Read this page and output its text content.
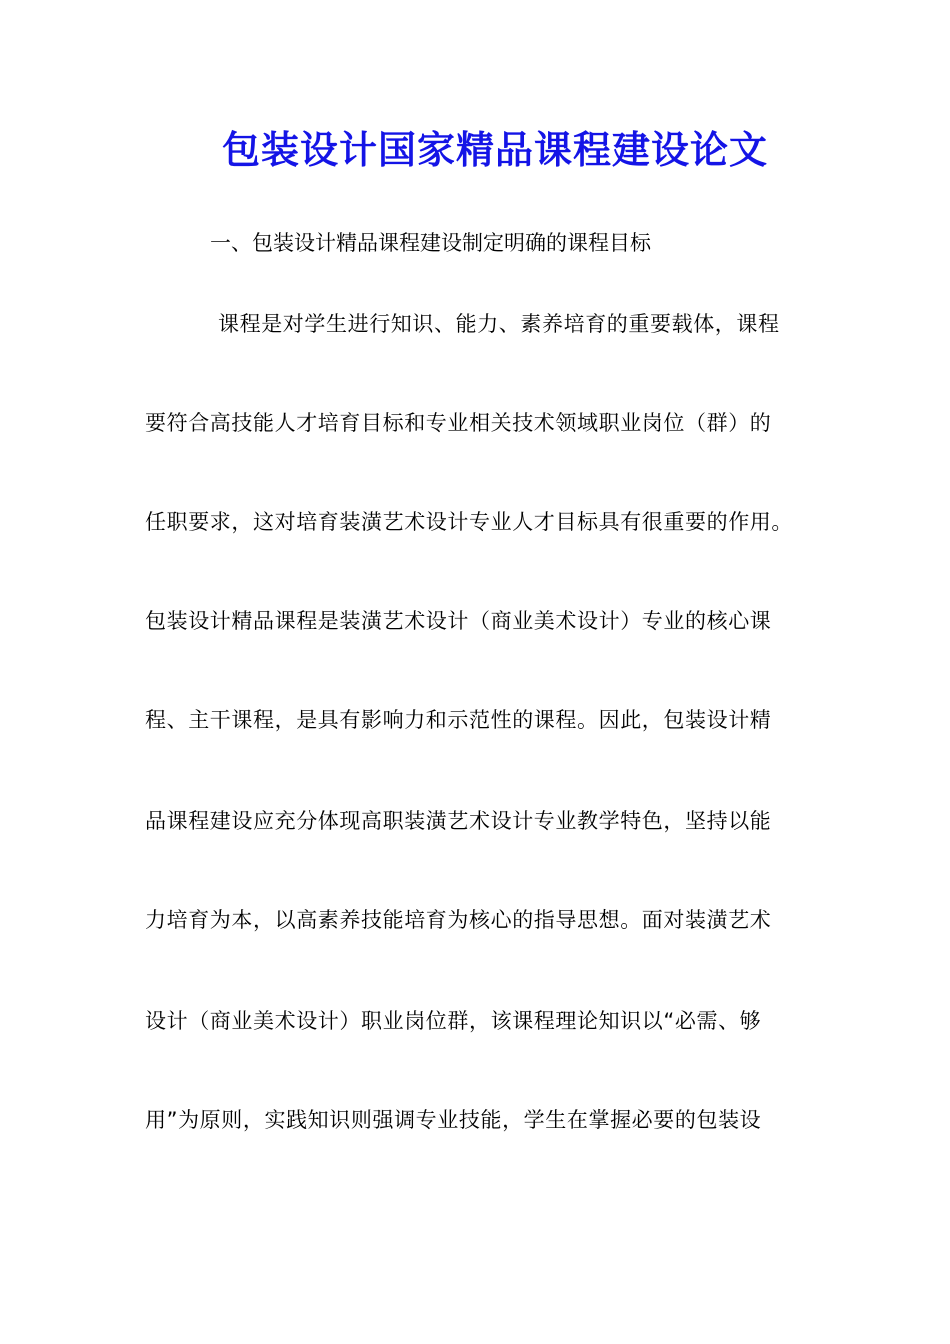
包装设计国家精品课程建设论文
一、包装设计精品课程建设制定明确的课程目标
课程是对学生进行知识、能力、素养培育的重要载体，课程
要符合高技能人才培育目标和专业相关技术领域职业岗位（群）的
任职要求，这对培育装潢艺术设计专业人才目标具有很重要的作用。
包装设计精品课程是装潢艺术设计（商业美术设计）专业的核心课
程、主干课程，是具有影响力和示范性的课程。因此，包装设计精
品课程建设应充分体现高职装潢艺术设计专业教学特色，坚持以能
力培育为本，以高素养技能培育为核心的指导思想。面对装潢艺术
设计（商业美术设计）职业岗位群，该课程理论知识以“必需、够
用”为原则，实践知识则强调专业技能，学生在掌握必要的包装设
